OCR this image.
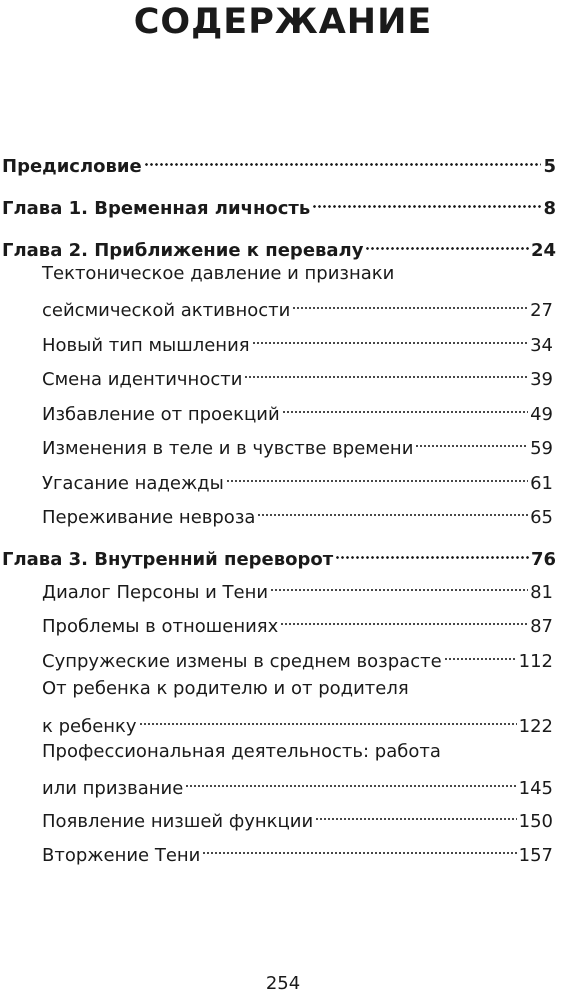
СОДЕРЖАНИЕ
Предисловие	5
Глава 1. Временная личность	8
Глава 2. Приближение к перевалу	24
Тектоническое давление и признаки
сейсмической активности	27
Новый тип мышления	34
Смена идентичности	39
Избавление от проекций	49
Изменения в теле и в чувстве времени	59
Угасание надежды	61
Переживание невроза	65
Глава 3. Внутренний переворот	76
Диалог Персоны и Тени	81
Проблемы в отношениях	87
Супружеские измены в среднем возрасте	112
От ребенка к родителю и от родителя
к ребенку	122
Профессиональная деятельность: работа
или призвание	145
Появление низшей функции	150
Вторжение Тени	157
254
